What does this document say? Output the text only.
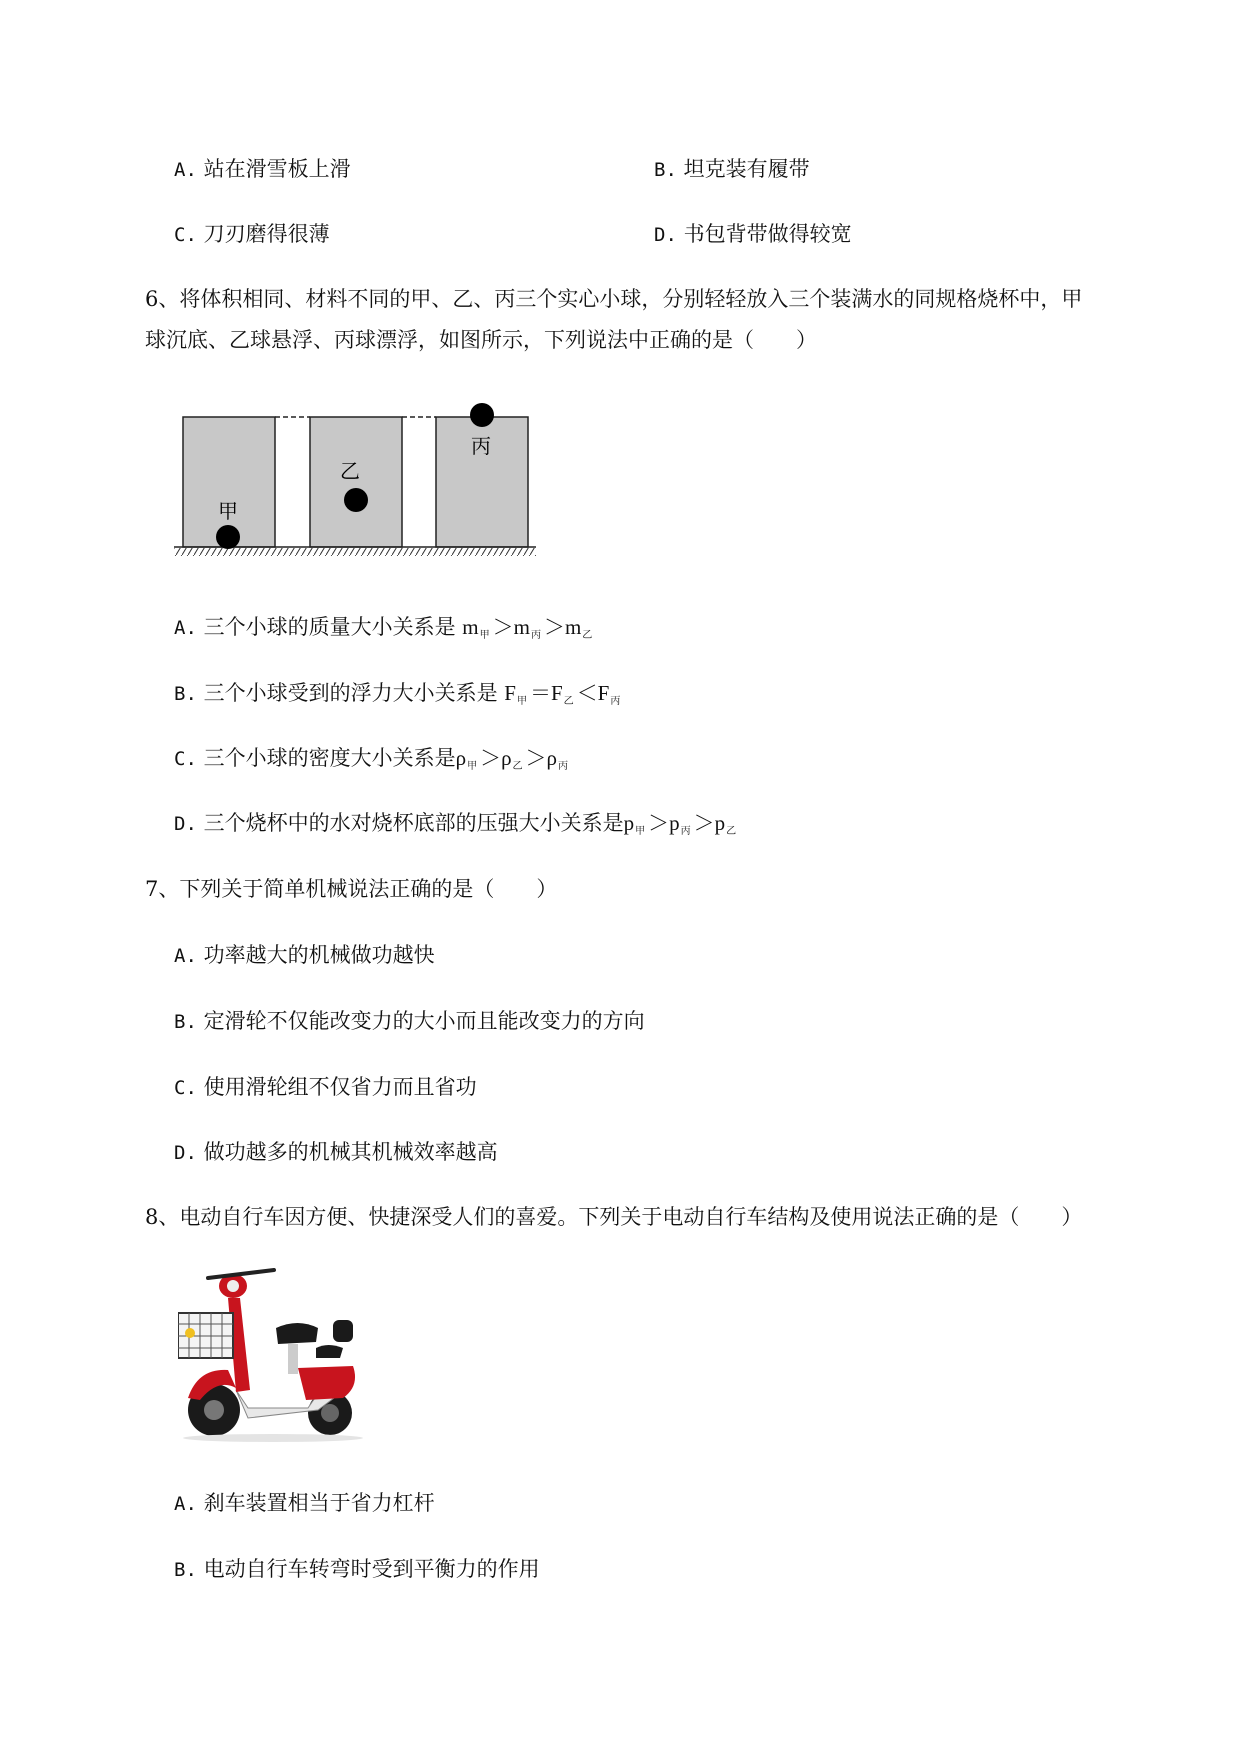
A. 站在滑雪板上滑	B. 坦克装有履带
C. 刀刃磨得很薄	D. 书包背带做得较宽
6、将体积相同、材料不同的甲、乙、丙三个实心小球，分别轻轻放入三个装满水的同规格烧杯中，甲
球沉底、乙球悬浮、丙球漂浮，如图所示，下列说法中正确的是（　　）
甲
乙
丙
A. 三个小球的质量大小关系是 $m_甲 >m_丙 >m_乙$
B. 三个小球受到的浮力大小关系是 $F_甲 =F_乙 <F_丙$
C. 三个小球的密度大小关系是$\rho_甲 >\rho_乙 >\rho_丙$
D. 三个烧杯中的水对烧杯底部的压强大小关系是$p_甲 >p_丙 >p_乙$
7、下列关于简单机械说法正确的是（　　）
A. 功率越大的机械做功越快
B. 定滑轮不仅能改变力的大小而且能改变力的方向
C. 使用滑轮组不仅省力而且省功
D. 做功越多的机械其机械效率越高
8、电动自行车因方便、快捷深受人们的喜爱。下列关于电动自行车结构及使用说法正确的是（　　）
A. 刹车装置相当于省力杠杆
B. 电动自行车转弯时受到平衡力的作用
